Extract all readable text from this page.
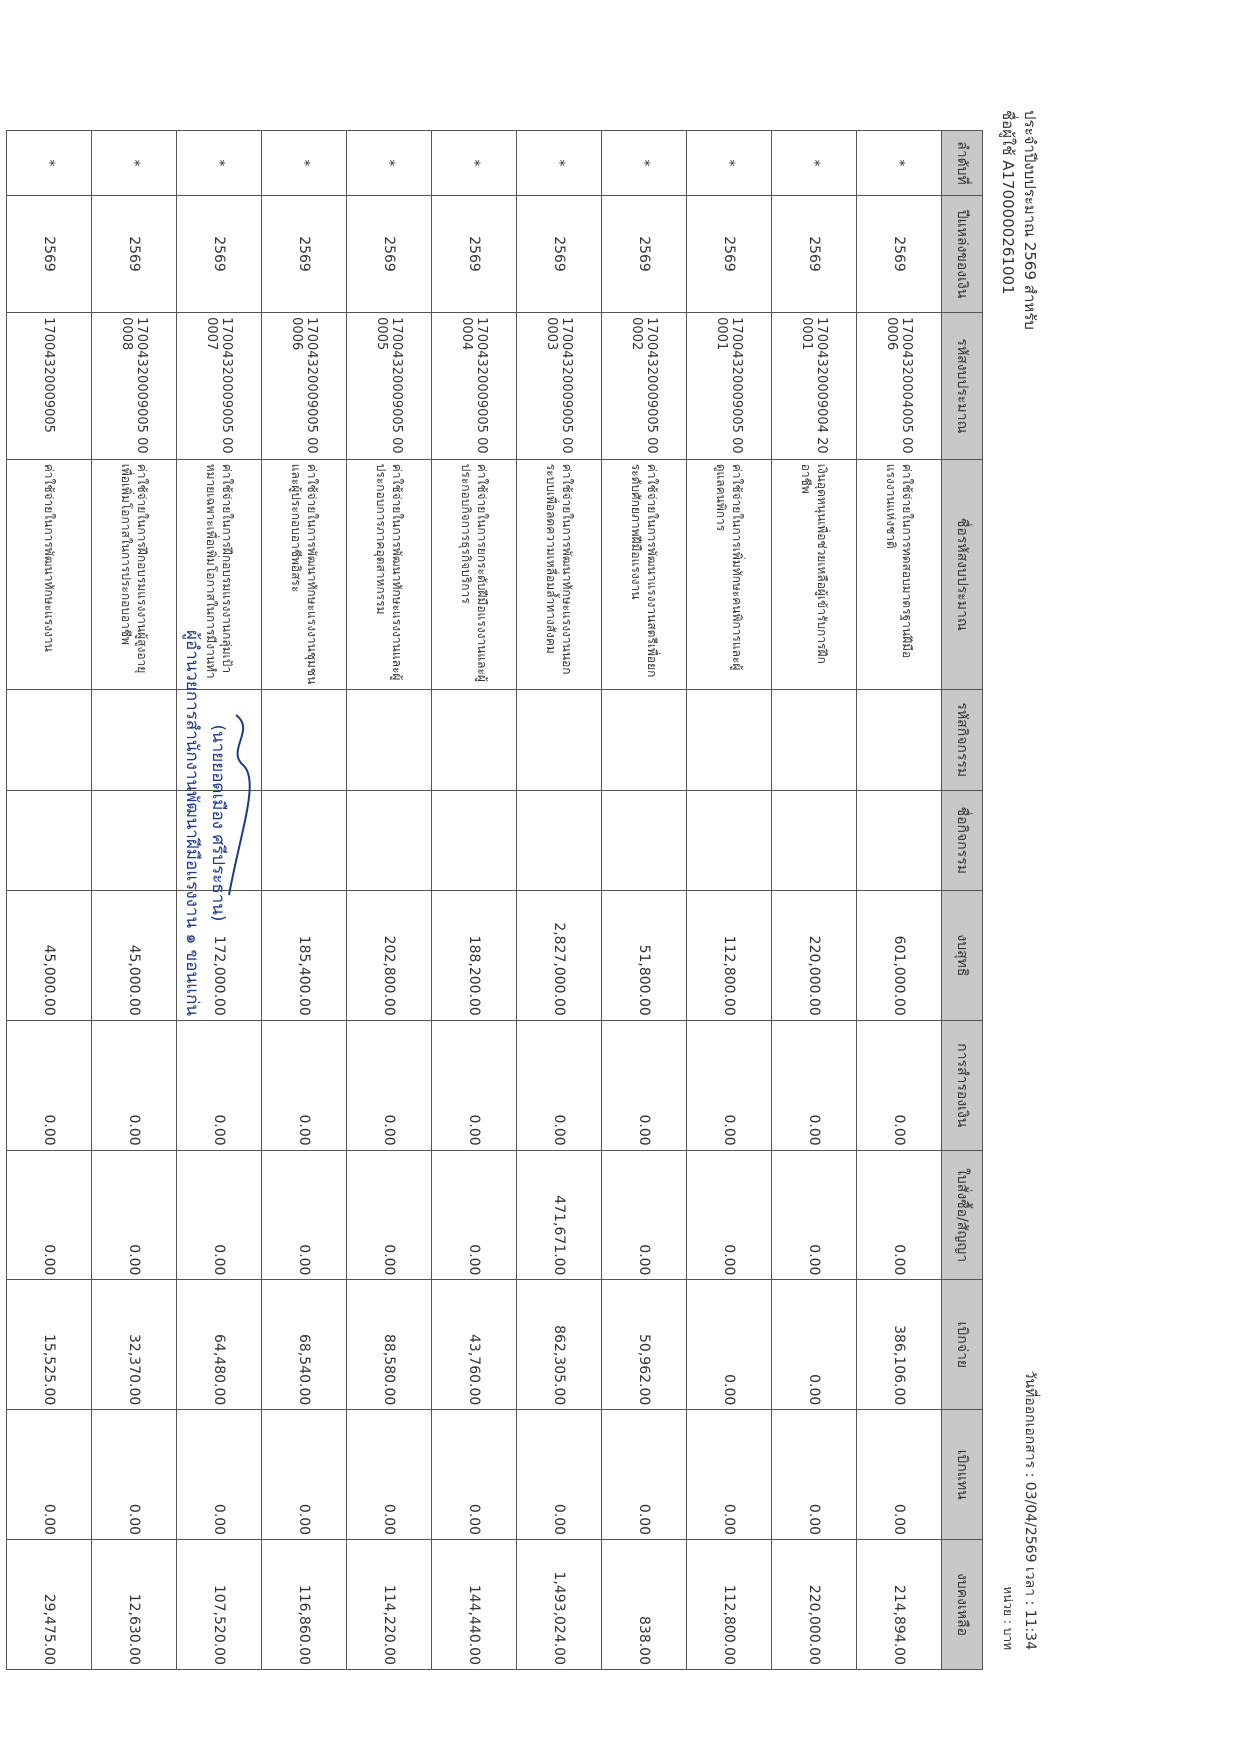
ประจำปีงบประมาณ 2569 สำหรับ
ชื่อผู้ใช้ A1700000261001
วันที่ออกเอกสาร : 03/04/2569 เวลา : 11:34
หน่วย : บาท
ลำดับที่	ปีแหล่งของเงิน	รหัสงบประมาณ	ชื่อรหัสงบประมาณ	รหัสกิจกรรม	ชื่อกิจกรรม	งบสุทธิ	การสำรองเงิน	ใบสั่งซื้อ/สัญญา	เบิกจ่าย	เบิกแทน	งบคงเหลือ
*	2569	17004320004005 000006	ค่าใช้จ่ายในการทดสอบมาตรฐานฝีมือแรงงานแห่งชาติ			601,000.00	0.00	0.00	386,106.00	0.00	214,894.00
*	2569	17004320009004 200001	เงินอุดหนุนเพื่อช่วยเหลือผู้เข้ารับการฝึกอาชีพ			220,000.00	0.00	0.00	0.00	0.00	220,000.00
*	2569	17004320009005 000001	ค่าใช้จ่ายในการเพิ่มทักษะคนพิการและผู้ดูแลคนพิการ			112,800.00	0.00	0.00	0.00	0.00	112,800.00
*	2569	17004320009005 000002	ค่าใช้จ่ายในการพัฒนาแรงงานสตรีเพื่อยกระดับศักยภาพฝีมือแรงงาน			51,800.00	0.00	0.00	50,962.00	0.00	838.00
*	2569	17004320009005 000003	ค่าใช้จ่ายในการพัฒนาทักษะแรงงานนอกระบบเพื่อลดความเหลื่อมล้ำทางสังคม			2,827,000.00	0.00	471,671.00	862,305.00	0.00	1,493,024.00
*	2569	17004320009005 000004	ค่าใช้จ่ายในการยกระดับฝีมือแรงงานและผู้ประกอบกิจการธุรกิจบริการ			188,200.00	0.00	0.00	43,760.00	0.00	144,440.00
*	2569	17004320009005 000005	ค่าใช้จ่ายในการพัฒนาทักษะแรงงานและผู้ประกอบการภาคอุตสาหกรรม			202,800.00	0.00	0.00	88,580.00	0.00	114,220.00
*	2569	17004320009005 000006	ค่าใช้จ่ายในการพัฒนาทักษะแรงงานชุมชนและผู้ประกอบอาชีพอิสระ			185,400.00	0.00	0.00	68,540.00	0.00	116,860.00
*	2569	17004320009005 000007	ค่าใช้จ่ายในการฝึกอบรมแรงงานกลุ่มเป้าหมายเฉพาะเพื่อเพิ่มโอกาสในการมีงานทำ			172,000.00	0.00	0.00	64,480.00	0.00	107,520.00
*	2569	17004320009005 000008	ค่าใช้จ่ายในการฝึกอบรมแรงงานผู้สูงอายุเพื่อเพิ่มโอกาสในการประกอบอาชีพ			45,000.00	0.00	0.00	32,370.00	0.00	12,630.00
*	2569	17004320009005	ค่าใช้จ่ายในการพัฒนาทักษะแรงงาน			45,000.00	0.00	0.00	15,525.00	0.00	29,475.00
(นายยอดเมือง ศรีประธาน)
ผู้อำนวยการสำนักงานพัฒนาฝีมือแรงงาน ๑ ขอนแก่น
